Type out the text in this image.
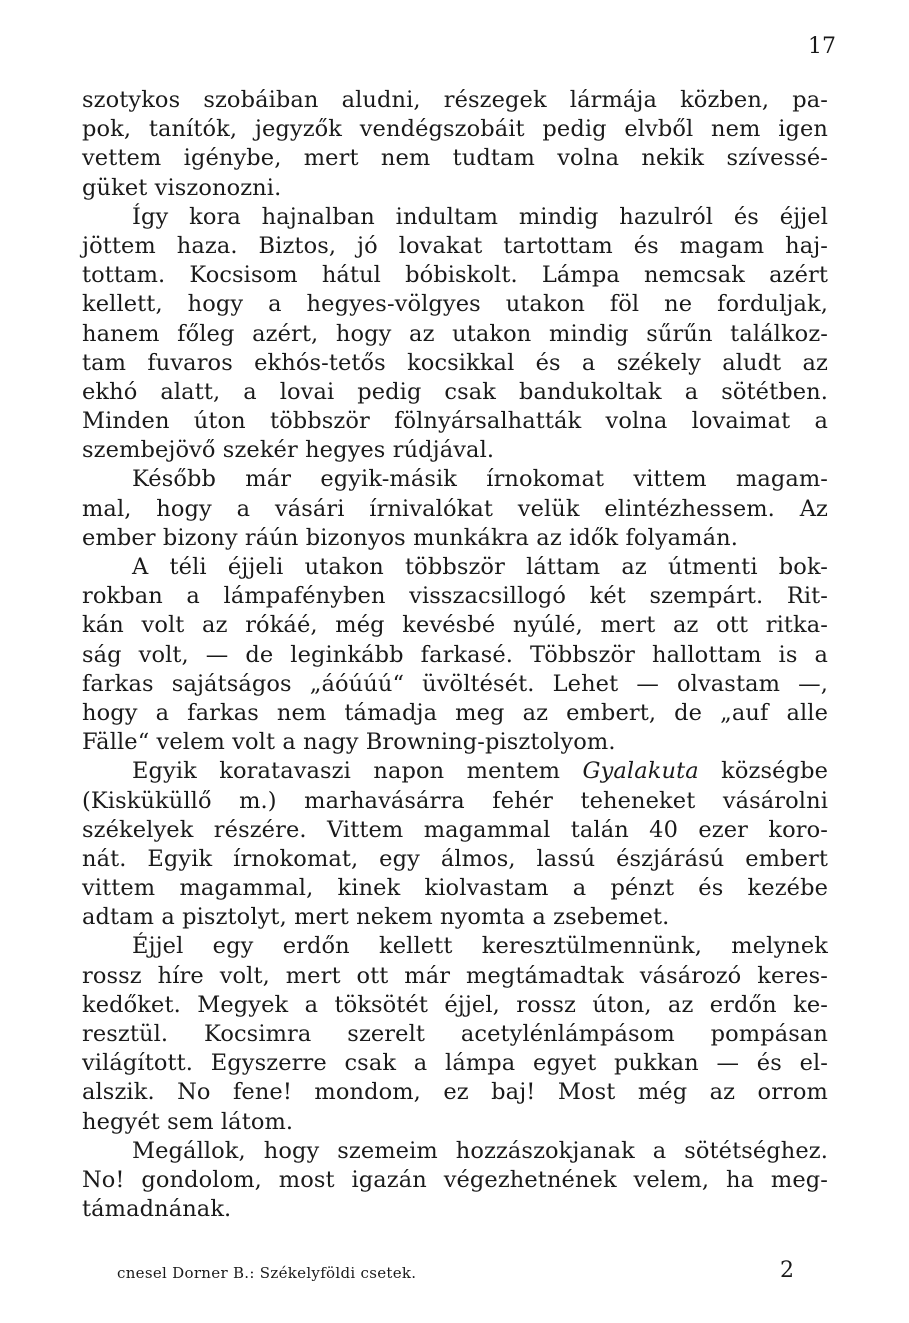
17
szotykos szobáiban aludni, részegek lármája közben, pa-
pok, tanítók, jegyzők vendégszobáit pedig elvből nem igen
vettem igénybe, mert nem tudtam volna nekik szívessé-
güket viszonozni.
Így kora hajnalban indultam mindig hazulról és éjjel
jöttem haza. Biztos, jó lovakat tartottam és magam haj-
tottam. Kocsisom hátul bóbiskolt. Lámpa nemcsak azért
kellett, hogy a hegyes-völgyes utakon föl ne forduljak,
hanem főleg azért, hogy az utakon mindig sűrűn találkoz-
tam fuvaros ekhós-tetős kocsikkal és a székely aludt az
ekhó alatt, a lovai pedig csak bandukoltak a sötétben.
Minden úton többször fölnyársalhatták volna lovaimat a
szembejövő szekér hegyes rúdjával.
Később már egyik-másik írnokomat vittem magam-
mal, hogy a vásári írnivalókat velük elintézhessem. Az
ember bizony ráún bizonyos munkákra az idők folyamán.
A téli éjjeli utakon többször láttam az útmenti bok-
rokban a lámpafényben visszacsillogó két szempárt. Rit-
kán volt az rókáé, még kevésbé nyúlé, mert az ott ritka-
ság volt, — de leginkább farkasé. Többször hallottam is a
farkas sajátságos „áóúúú“ üvöltését. Lehet — olvastam —,
hogy a farkas nem támadja meg az embert, de „auf alle
Fälle“ velem volt a nagy Browning-pisztolyom.
Egyik koratavaszi napon mentem Gyalakuta községbe
(Kisküküllő m.) marhavásárra fehér teheneket vásárolni
székelyek részére. Vittem magammal talán 40 ezer koro-
nát. Egyik írnokomat, egy álmos, lassú észjárású embert
vittem magammal, kinek kiolvastam a pénzt és kezébe
adtam a pisztolyt, mert nekem nyomta a zsebemet.
Éjjel egy erdőn kellett keresztülmennünk, melynek
rossz híre volt, mert ott már megtámadtak vásározó keres-
kedőket. Megyek a töksötét éjjel, rossz úton, az erdőn ke-
resztül. Kocsimra szerelt acetylénlámpásom pompásan
világított. Egyszerre csak a lámpa egyet pukkan — és el-
alszik. No fene! mondom, ez baj! Most még az orrom
hegyét sem látom.
Megállok, hogy szemeim hozzászokjanak a sötétséghez.
No! gondolom, most igazán végezhetnének velem, ha meg-
támadnának.
cnesel Dorner B.: Székelyföldi csetek.	2
